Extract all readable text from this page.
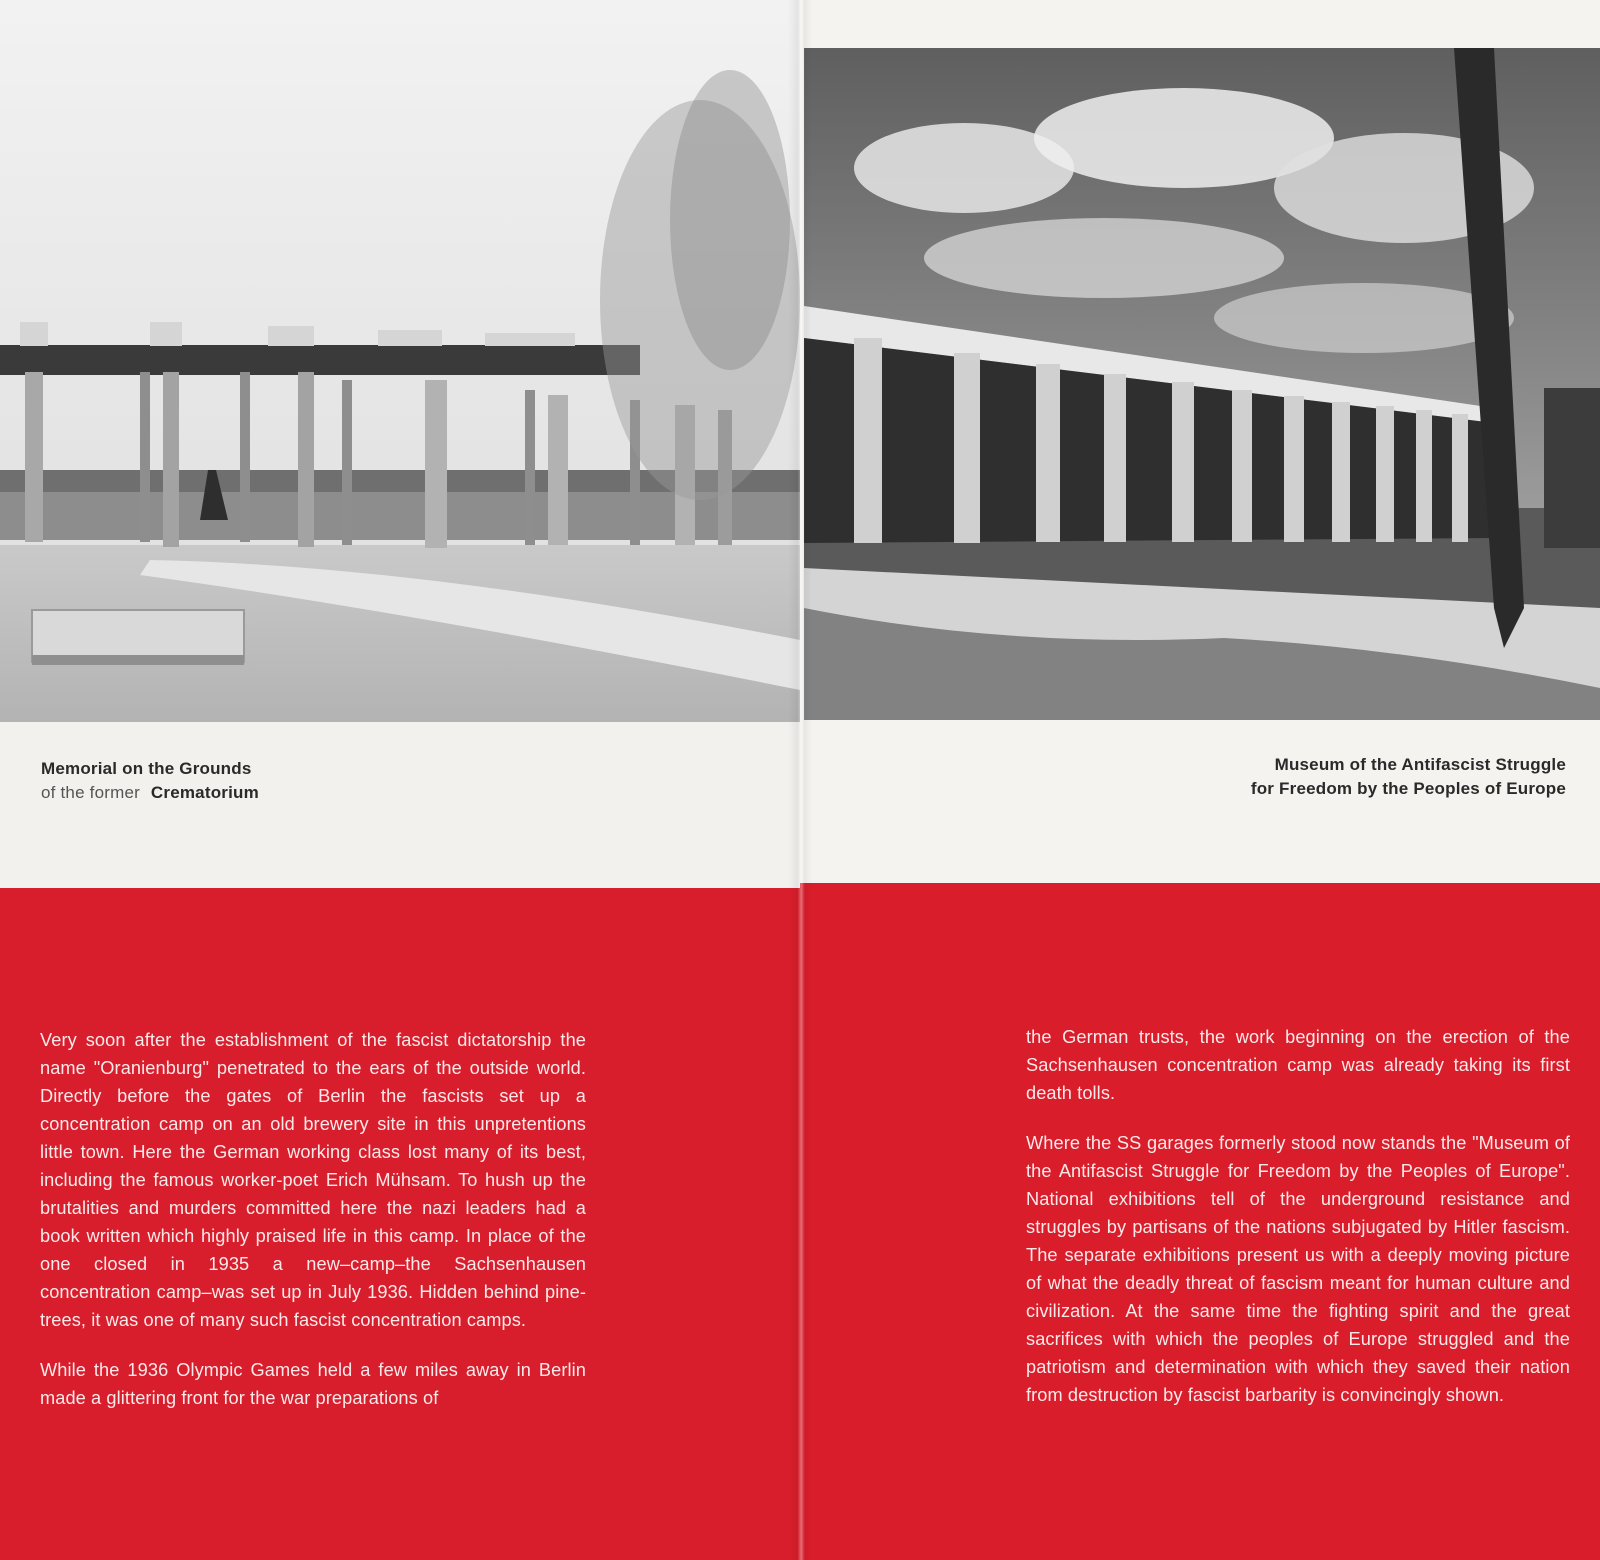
Memorial on the Grounds
of the former Crematorium

Very soon after the establishment of the fascist dictatorship the name "Oranienburg" penetrated to the ears of the outside world. Directly before the gates of Berlin the fascists set up a concentration camp on an old brewery site in this unpretentions little town. Here the German working class lost many of its best, including the famous worker-poet Erich Mühsam. To hush up the brutalities and murders committed here the nazi leaders had a book written which highly praised life in this camp. In place of the one closed in 1935 a new–camp–the Sachsenhausen concentration camp–was set up in July 1936. Hidden behind pine-trees, it was one of many such fascist concentration camps.

While the 1936 Olympic Games held a few miles away in Berlin made a glittering front for the war preparations of

Museum of the Antifascist Struggle
for Freedom by the Peoples of Europe

the German trusts, the work beginning on the erection of the Sachsenhausen concentration camp was already taking its first death tolls.

Where the SS garages formerly stood now stands the "Museum of the Antifascist Struggle for Freedom by the Peoples of Europe". National exhibitions tell of the underground resistance and struggles by partisans of the nations subjugated by Hitler fascism. The separate exhibitions present us with a deeply moving picture of what the deadly threat of fascism meant for human culture and civilization. At the same time the fighting spirit and the great sacrifices with which the peoples of Europe struggled and the patriotism and determination with which they saved their nation from destruction by fascist barbarity is convincingly shown.
